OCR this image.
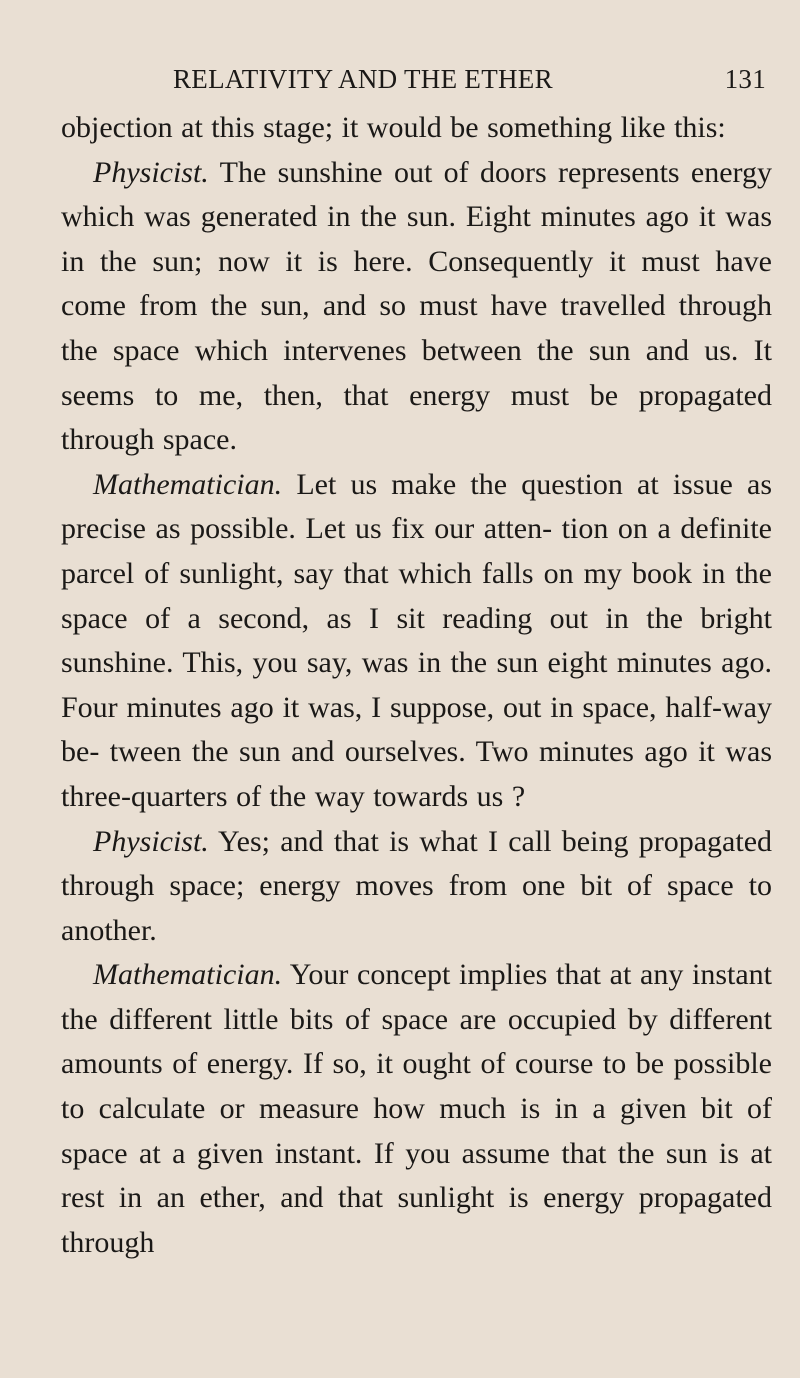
RELATIVITY AND THE ETHER	131

objection at this stage; it would be something like this:

Physicist. The sunshine out of doors represents energy which was generated in the sun. Eight minutes ago it was in the sun; now it is here. Consequently it must have come from the sun, and so must have travelled through the space which intervenes between the sun and us. It seems to me, then, that energy must be propagated through space.

Mathematician. Let us make the question at issue as precise as possible. Let us fix our atten- tion on a definite parcel of sunlight, say that which falls on my book in the space of a second, as I sit reading out in the bright sunshine. This, you say, was in the sun eight minutes ago. Four minutes ago it was, I suppose, out in space, half-way be- tween the sun and ourselves. Two minutes ago it was three-quarters of the way towards us ?

Physicist. Yes; and that is what I call being propagated through space; energy moves from one bit of space to another.

Mathematician. Your concept implies that at any instant the different little bits of space are occupied by different amounts of energy. If so, it ought of course to be possible to calculate or measure how much is in a given bit of space at a given instant. If you assume that the sun is at rest in an ether, and that sunlight is energy propagated through
